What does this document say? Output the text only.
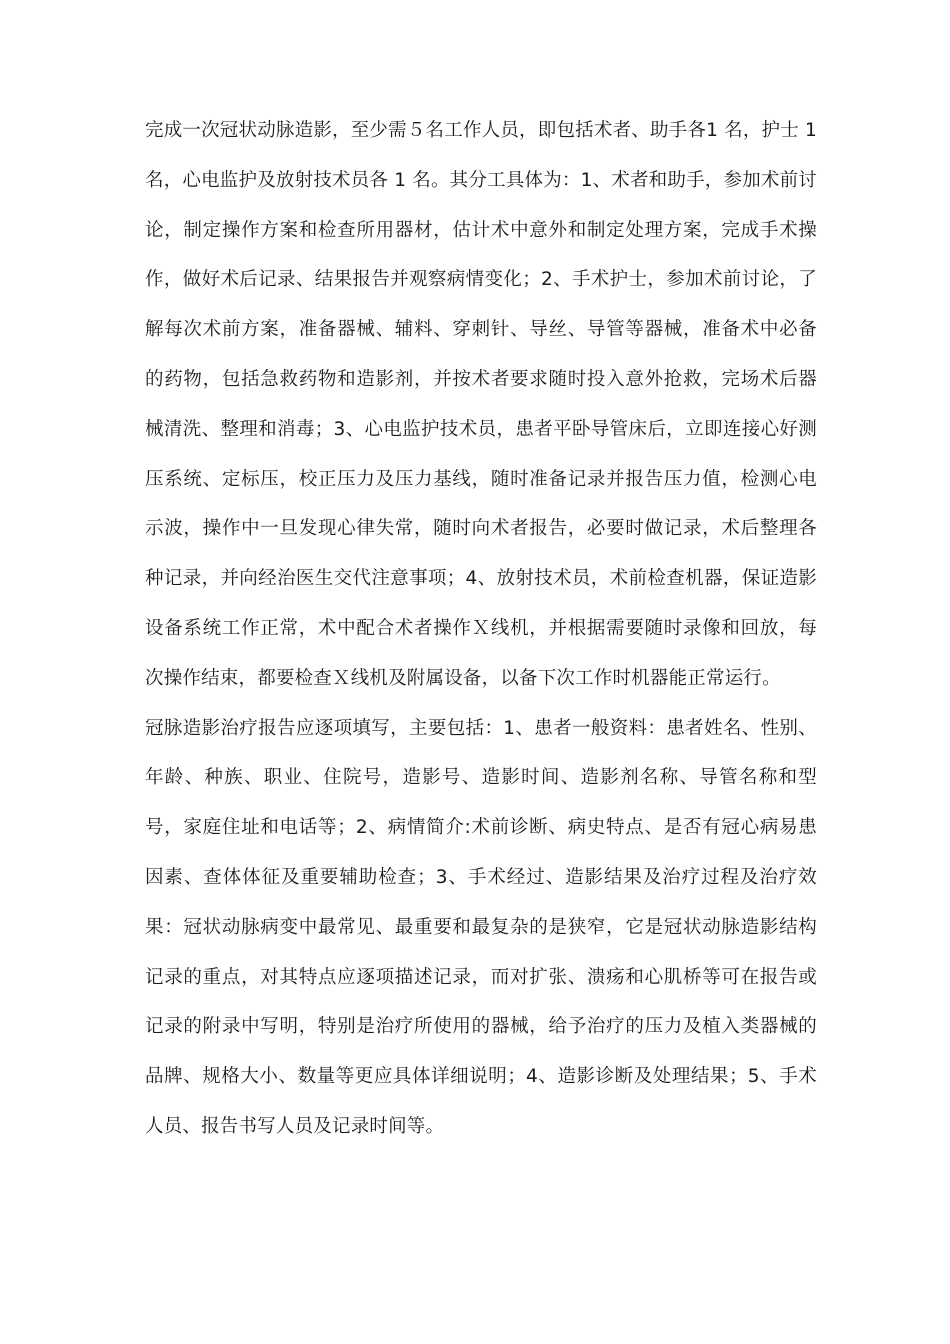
完成一次冠状动脉造影，至少需５名工作人员，即包括术者、助手各1 名，护士 1 名，心电监护及放射技术员各 1 名。其分工具体为：1、术者和助手，参加术前讨论，制定操作方案和检查所用器材，估计术中意外和制定处理方案，完成手术操作，做好术后记录、结果报告并观察病情变化；2、手术护士，参加术前讨论，了解每次术前方案，准备器械、辅料、穿刺针、导丝、导管等器械，准备术中必备的药物，包括急救药物和造影剂，并按术者要求随时投入意外抢救，完场术后器械清洗、整理和消毒；3、心电监护技术员，患者平卧导管床后，立即连接心好测压系统、定标压，校正压力及压力基线，随时准备记录并报告压力值，检测心电示波，操作中一旦发现心律失常，随时向术者报告，必要时做记录，术后整理各种记录，并向经治医生交代注意事项；4、放射技术员，术前检查机器，保证造影设备系统工作正常，术中配合术者操作Ｘ线机，并根据需要随时录像和回放，每次操作结束，都要检查Ｘ线机及附属设备，以备下次工作时机器能正常运行。

冠脉造影治疗报告应逐项填写，主要包括：1、患者一般资料：患者姓名、性别、年龄、种族、职业、住院号，造影号、造影时间、造影剂名称、导管名称和型号，家庭住址和电话等；2、病情简介:术前诊断、病史特点、是否有冠心病易患因素、查体体征及重要辅助检查；3、手术经过、造影结果及治疗过程及治疗效果：冠状动脉病变中最常见、最重要和最复杂的是狭窄，它是冠状动脉造影结构记录的重点，对其特点应逐项描述记录，而对扩张、溃疡和心肌桥等可在报告或记录的附录中写明，特别是治疗所使用的器械，给予治疗的压力及植入类器械的品牌、规格大小、数量等更应具体详细说明；4、造影诊断及处理结果；5、手术人员、报告书写人员及记录时间等。
